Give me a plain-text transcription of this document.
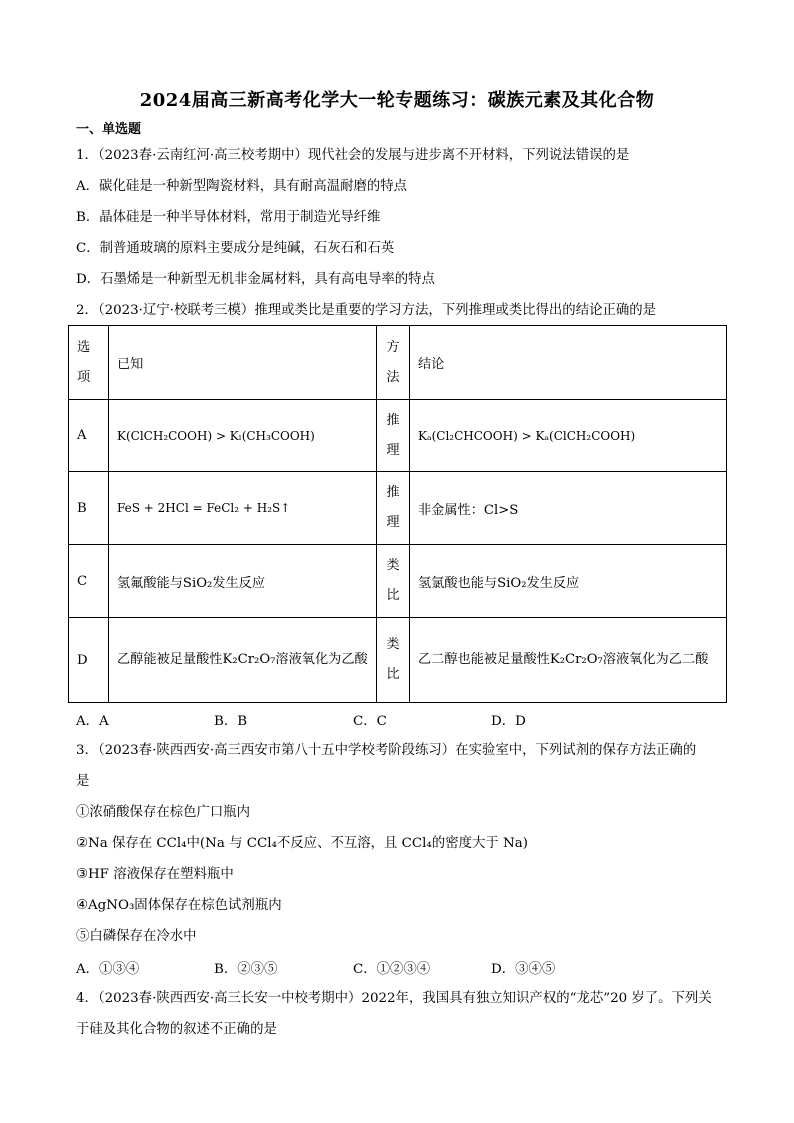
2024届高三新高考化学大一轮专题练习：碳族元素及其化合物
一、单选题
1．（2023春·云南红河·高三校考期中）现代社会的发展与进步离不开材料，下列说法错误的是
A．碳化硅是一种新型陶瓷材料，具有耐高温耐磨的特点
B．晶体硅是一种半导体材料，常用于制造光导纤维
C．制普通玻璃的原料主要成分是纯碱，石灰石和石英
D．石墨烯是一种新型无机非金属材料，具有高电导率的特点
2．（2023·辽宁·校联考三模）推理或类比是重要的学习方法，下列推理或类比得出的结论正确的是
选项	已知	方法	结论
A	K(ClCH₂COOH) > Kₗ(CH₃COOH)	推理	Kₐ(Cl₂CHCOOH) > Kₐ(ClCH₂COOH)
B	FeS + 2HCl = FeCl₂ + H₂S↑	推理	非金属性：Cl>S
C	氢氟酸能与SiO₂发生反应	类比	氢氯酸也能与SiO₂发生反应
D	乙醇能被足量酸性K₂Cr₂O₇溶液氧化为乙酸	类比	乙二醇也能被足量酸性K₂Cr₂O₇溶液氧化为乙二酸
A．A	B．B	C．C	D．D
3．（2023春·陕西西安·高三西安市第八十五中学校考阶段练习）在实验室中，下列试剂的保存方法正确的
是
①浓硝酸保存在棕色广口瓶内
②Na 保存在 CCl₄中(Na 与 CCl₄不反应、不互溶，且 CCl₄的密度大于 Na)
③HF 溶液保存在塑料瓶中
④AgNO₃固体保存在棕色试剂瓶内
⑤白磷保存在冷水中
A．①③④	B．②③⑤	C．①②③④	D．③④⑤
4．（2023春·陕西西安·高三长安一中校考期中）2022年，我国具有独立知识产权的“龙芯”20 岁了。下列关
于硅及其化合物的叙述不正确的是
